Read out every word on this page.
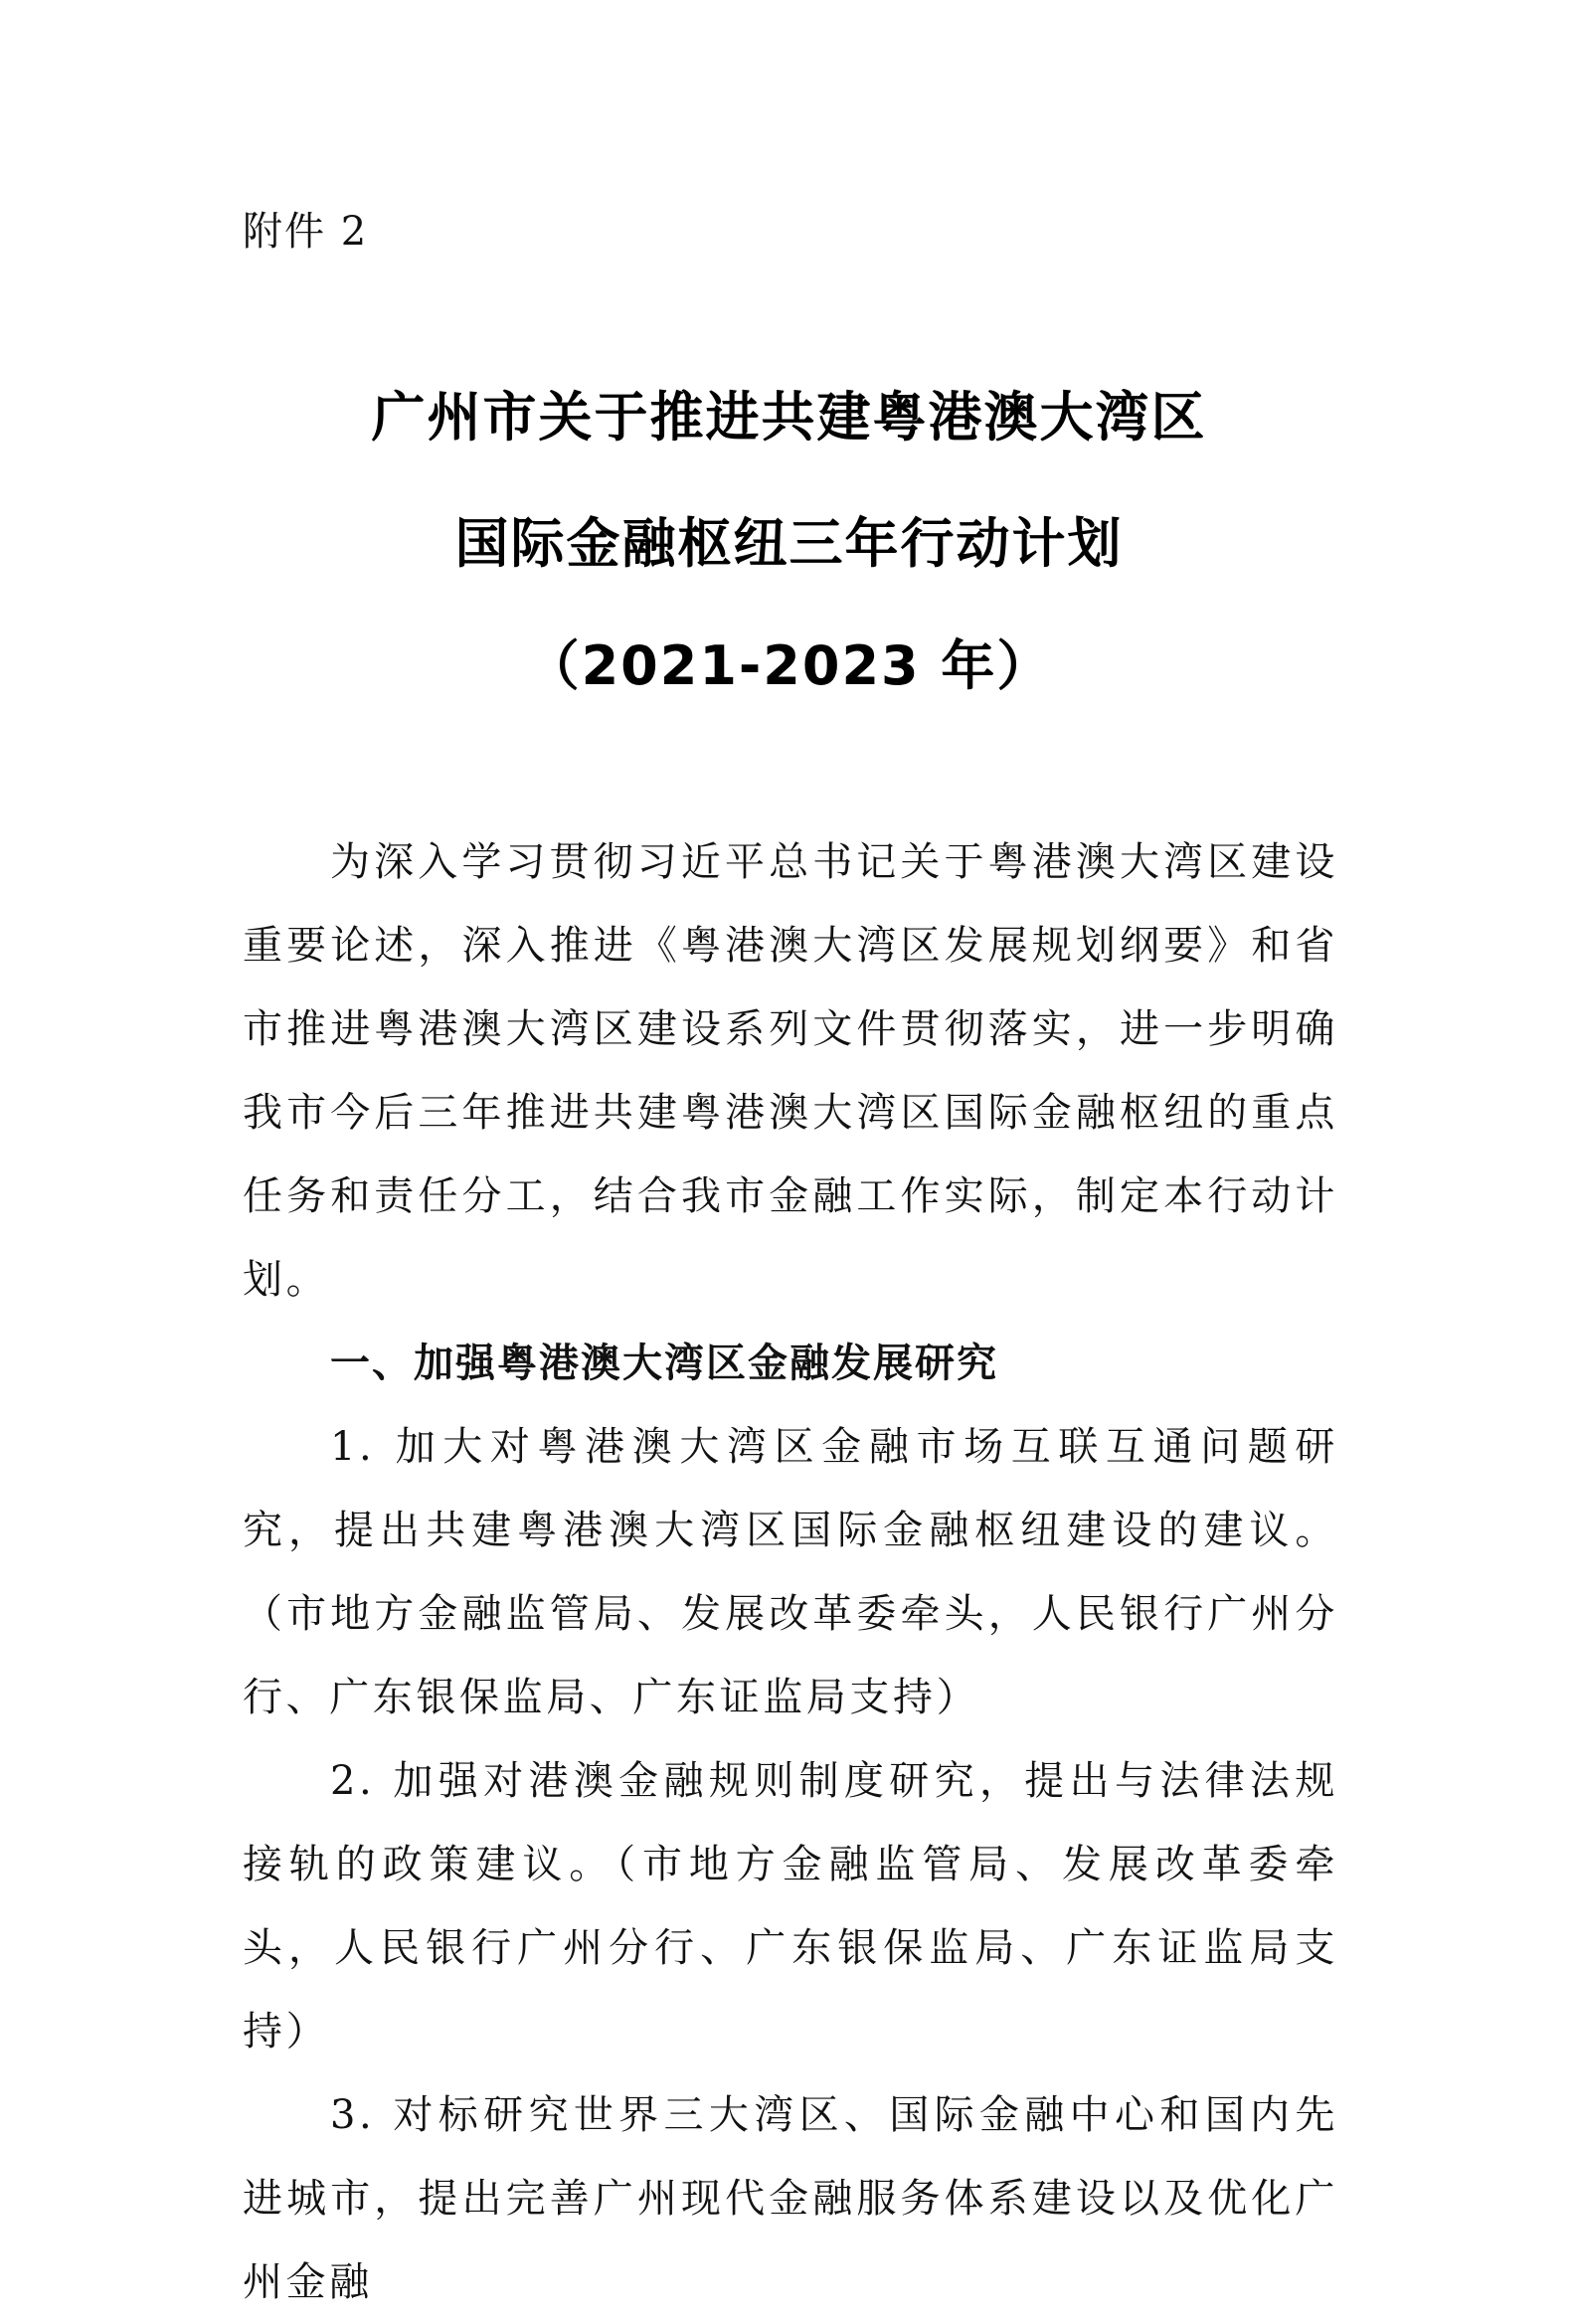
附件 2
广州市关于推进共建粤港澳大湾区
国际金融枢纽三年行动计划
（2021-2023 年）

为深入学习贯彻习近平总书记关于粤港澳大湾区建设重要论述，深入推进《粤港澳大湾区发展规划纲要》和省市推进粤港澳大湾区建设系列文件贯彻落实，进一步明确我市今后三年推进共建粤港澳大湾区国际金融枢纽的重点任务和责任分工，结合我市金融工作实际，制定本行动计划。

一、加强粤港澳大湾区金融发展研究

1. 加大对粤港澳大湾区金融市场互联互通问题研究，提出共建粤港澳大湾区国际金融枢纽建设的建议。（市地方金融监管局、发展改革委牵头，人民银行广州分行、广东银保监局、广东证监局支持）

2. 加强对港澳金融规则制度研究，提出与法律法规接轨的政策建议。（市地方金融监管局、发展改革委牵头，人民银行广州分行、广东银保监局、广东证监局支持）

3. 对标研究世界三大湾区、国际金融中心和国内先进城市，提出完善广州现代金融服务体系建设以及优化广州金融
